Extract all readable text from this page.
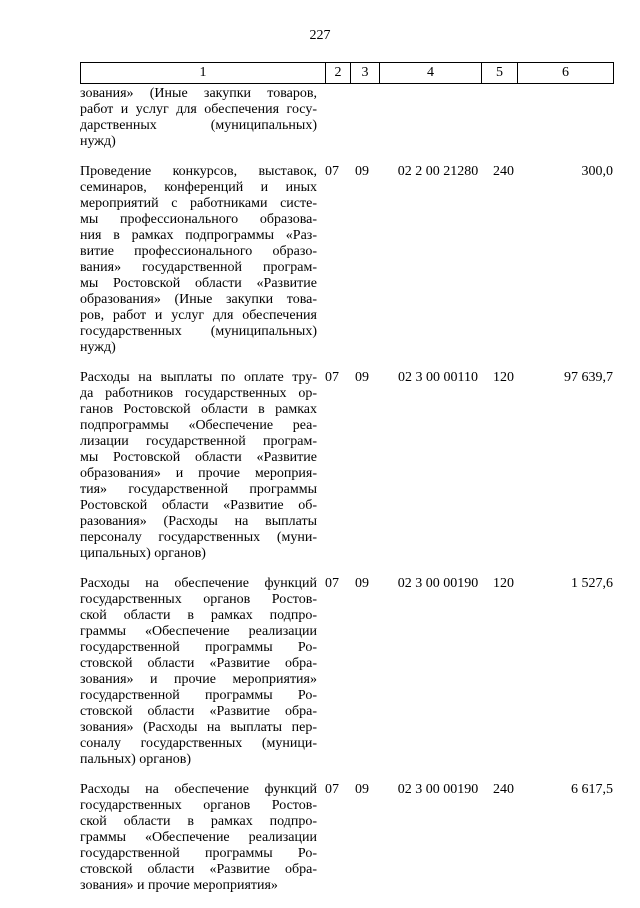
227
1	2	3	4	5	6
зования» (Иные закупки товаров,
работ и услуг для обеспечения госу-
дарственных (муниципальных)
нужд)
Проведение конкурсов, выставок,
семинаров, конференций и иных
мероприятий с работниками систе-
мы профессионального образова-
ния в рамках подпрограммы «Раз-
витие профессионального образо-
вания» государственной програм-
мы Ростовской области «Развитие
образования» (Иные закупки това-
ров, работ и услуг для обеспечения
государственных (муниципальных)
нужд)
07	09	02 2 00 21280	240	300,0
Расходы на выплаты по оплате тру-
да работников государственных ор-
ганов Ростовской области в рамках
подпрограммы «Обеспечение реа-
лизации государственной програм-
мы Ростовской области «Развитие
образования» и прочие мероприя-
тия» государственной программы
Ростовской области «Развитие об-
разования» (Расходы на выплаты
персоналу государственных (муни-
ципальных) органов)
07	09	02 3 00 00110	120	97 639,7
Расходы на обеспечение функций
государственных органов Ростов-
ской области в рамках подпро-
граммы «Обеспечение реализации
государственной программы Ро-
стовской области «Развитие обра-
зования» и прочие мероприятия»
государственной программы Ро-
стовской области «Развитие обра-
зования» (Расходы на выплаты пер-
соналу государственных (муници-
пальных) органов)
07	09	02 3 00 00190	120	1 527,6
Расходы на обеспечение функций
государственных органов Ростов-
ской области в рамках подпро-
граммы «Обеспечение реализации
государственной программы Ро-
стовской области «Развитие обра-
зования» и прочие мероприятия»
07	09	02 3 00 00190	240	6 617,5
